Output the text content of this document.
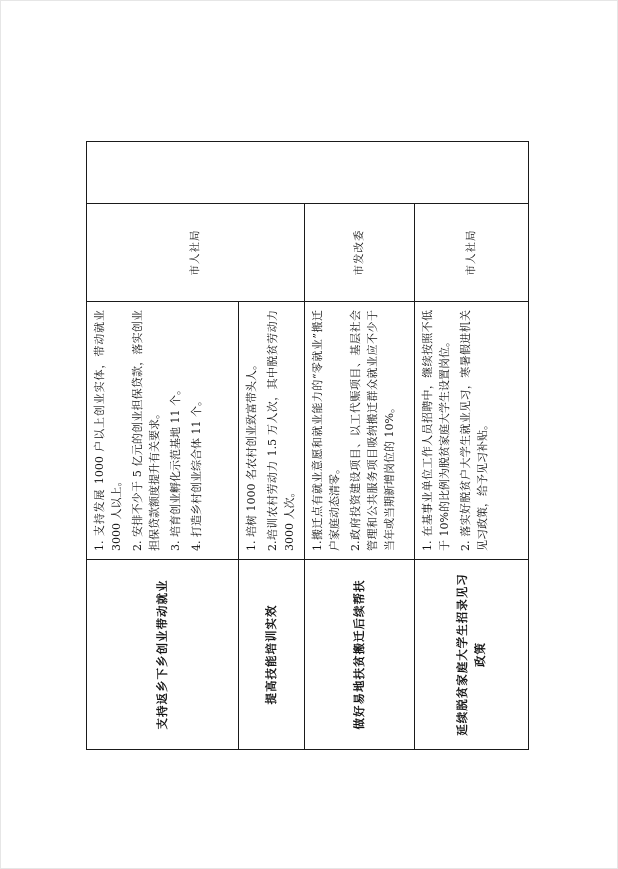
支持返乡下乡创业带动就业	1. 支持发展 1000 户以上创业实体，带动就业 3000 人以上。 2. 安排不少于 5 亿元的创业担保贷款，落实创业担保贷款额度提升有关要求。 3. 培育创业孵化示范基地 11 个。 4. 打造乡村创业综合体 11 个。	市人社局	
提高技能培训实效	1. 培树 1000 名农村创业致富带头人。 2.培训农村劳动力 1.5 万人次，其中脱贫劳动力 3000 人次。		

做好易地扶贫搬迁后续帮扶	1.搬迁点有就业意愿和就业能力的“零就业”搬迁户家庭动态清零。 2.政府投资建设项目、以工代赈项目、基层社会管理和公共服务项目吸纳搬迁群众就业应不少于当年或当期新增岗位的 10%。	市发改委	
延续脱贫家庭大学生招录见习政策	1. 在基事业单位工作人员招聘中，继续按照不低于 10%的比例为脱贫家庭大学生设置岗位。 2. 落实好脱贫户大学生就业见习，寒暑假进机关见习政策，给予见习补贴。	市人社局	
